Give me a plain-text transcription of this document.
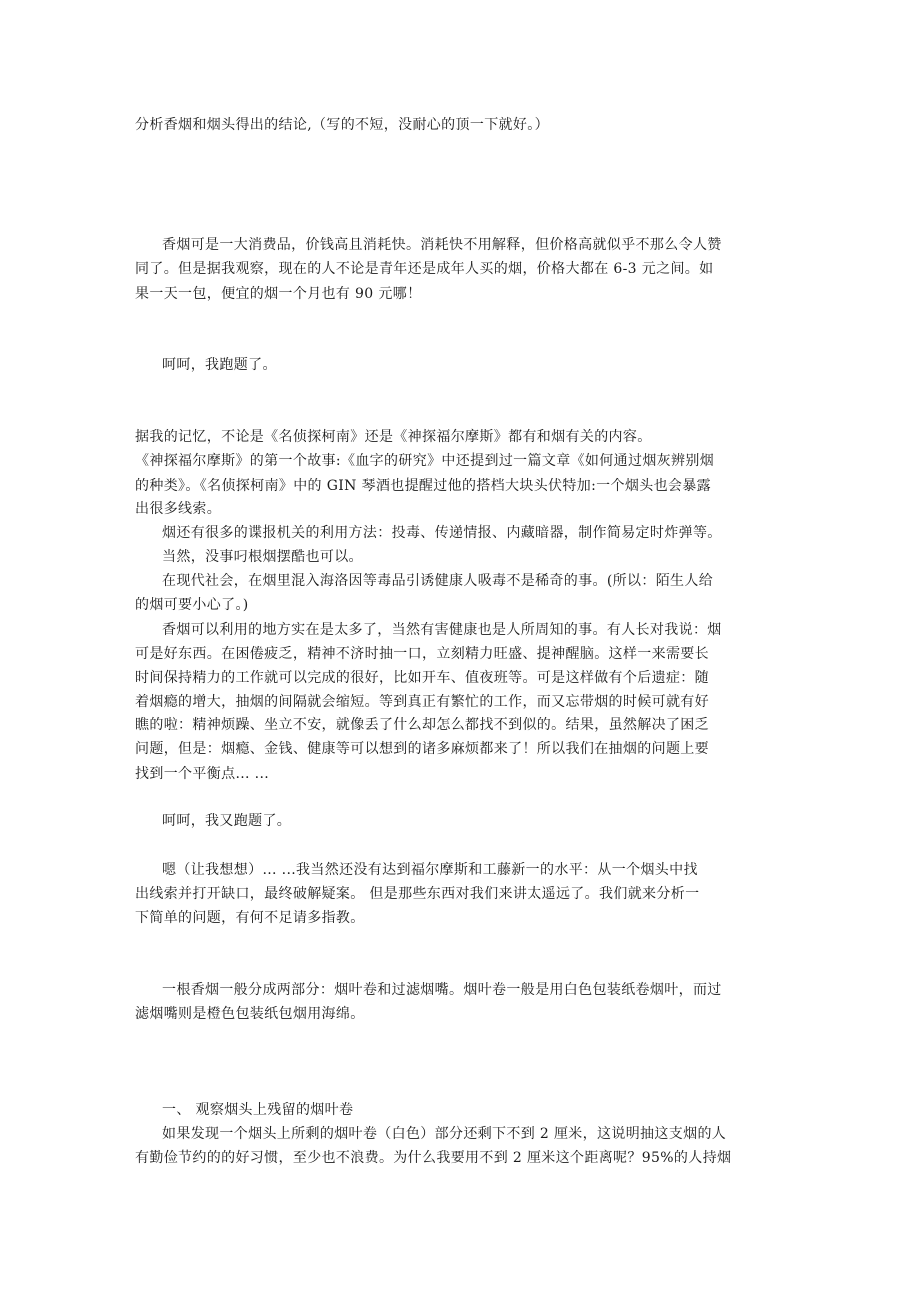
分析香烟和烟头得出的结论,（写的不短，没耐心的顶一下就好。）
香烟可是一大消费品，价钱高且消耗快。消耗快不用解释，但价格高就似乎不那么令人赞
同了。但是据我观察，现在的人不论是青年还是成年人买的烟，价格大都在 6-3 元之间。如
果一天一包，便宜的烟一个月也有 90 元哪！
呵呵，我跑题了。
据我的记忆，不论是《名侦探柯南》还是《神探福尔摩斯》都有和烟有关的内容。
《神探福尔摩斯》的第一个故事:《血字的研究》中还提到过一篇文章《如何通过烟灰辨别烟
的种类》。《名侦探柯南》中的 GIN 琴酒也提醒过他的搭档大块头伏特加:一个烟头也会暴露
出很多线索。
烟还有很多的谍报机关的利用方法：投毒、传递情报、内藏暗器，制作简易定时炸弹等。
当然，没事叼根烟摆酷也可以。
在现代社会，在烟里混入海洛因等毒品引诱健康人吸毒不是稀奇的事。(所以：陌生人给
的烟可要小心了。)
香烟可以利用的地方实在是太多了，当然有害健康也是人所周知的事。有人长对我说：烟
可是好东西。在困倦疲乏，精神不济时抽一口，立刻精力旺盛、提神醒脑。这样一来需要长
时间保持精力的工作就可以完成的很好，比如开车、值夜班等。可是这样做有个后遗症：随
着烟瘾的增大，抽烟的间隔就会缩短。等到真正有繁忙的工作，而又忘带烟的时候可就有好
瞧的啦：精神烦躁、坐立不安，就像丢了什么却怎么都找不到似的。结果，虽然解决了困乏
问题，但是：烟瘾、金钱、健康等可以想到的诸多麻烦都来了！所以我们在抽烟的问题上要
找到一个平衡点... ...
呵呵，我又跑题了。
嗯（让我想想）... ...我当然还没有达到福尔摩斯和工藤新一的水平：从一个烟头中找
出线索并打开缺口，最终破解疑案。 但是那些东西对我们来讲太遥远了。我们就来分析一
下简单的问题，有何不足请多指教。
一根香烟一般分成两部分：烟叶卷和过滤烟嘴。烟叶卷一般是用白色包装纸卷烟叶，而过
滤烟嘴则是橙色包装纸包烟用海绵。
一、 观察烟头上残留的烟叶卷
如果发现一个烟头上所剩的烟叶卷（白色）部分还剩下不到 2 厘米，这说明抽这支烟的人
有勤俭节约的的好习惯，至少也不浪费。为什么我要用不到 2 厘米这个距离呢？95%的人持烟
